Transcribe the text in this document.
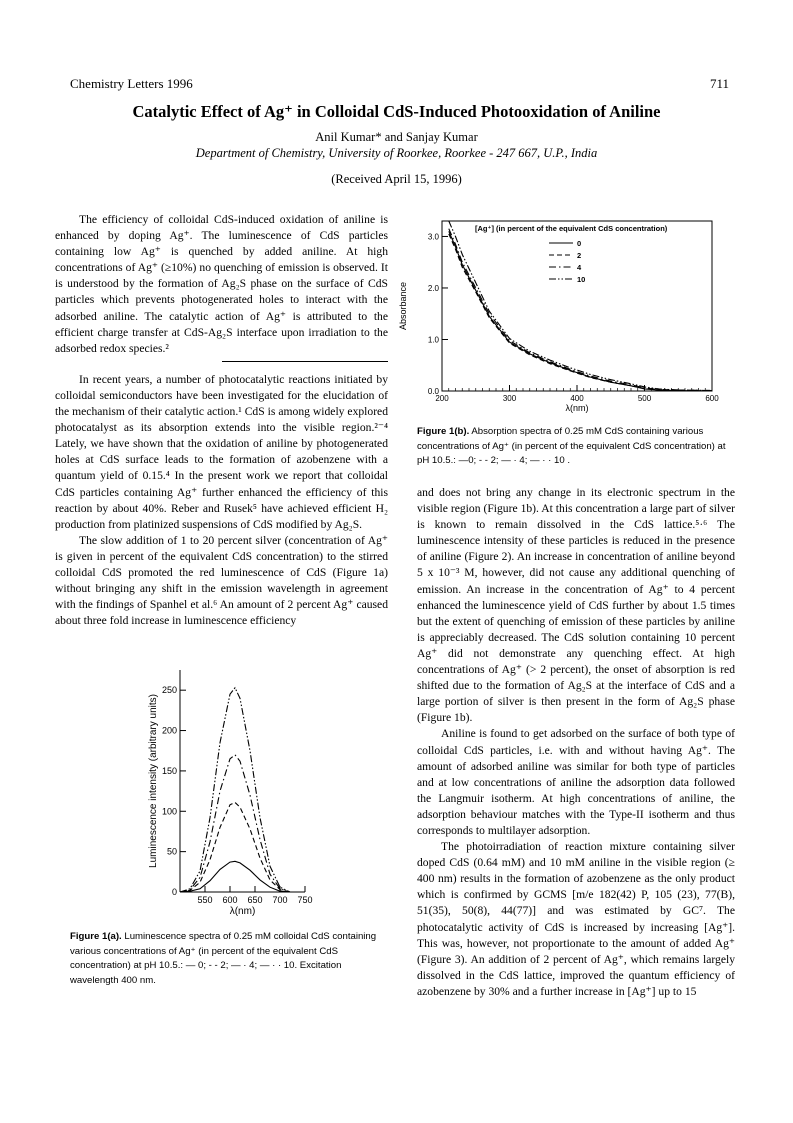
Chemistry Letters 1996	711
Catalytic Effect of Ag⁺ in Colloidal CdS-Induced Photooxidation of Aniline
Anil Kumar* and Sanjay Kumar
Department of Chemistry, University of Roorkee, Roorkee - 247 667, U.P., India
(Received April 15, 1996)

The efficiency of colloidal CdS-induced oxidation of aniline is enhanced by doping Ag⁺. The luminescence of CdS particles containing low Ag⁺ is quenched by added aniline. At high concentrations of Ag⁺ (≥10%) no quenching of emission is observed. It is understood by the formation of Ag₂S phase on the surface of CdS particles which prevents photogenerated holes to interact with the adsorbed aniline. The catalytic action of Ag⁺ is attributed to the efficient charge transfer at CdS-Ag₂S interface upon irradiation to the adsorbed redox species.²

In recent years, a number of photocatalytic reactions initiated by colloidal semiconductors have been investigated for the elucidation of the mechanism of their catalytic action.¹ CdS is among widely explored photocatalyst as its absorption extends into the visible region.²⁻⁴ Lately, we have shown that the oxidation of aniline by photogenerated holes at CdS surface leads to the formation of azobenzene with a quantum yield of 0.15.⁴ In the present work we report that colloidal CdS particles containing Ag⁺ further enhanced the efficiency of this reaction by about 40%. Reber and Rusek⁵ have achieved efficient H₂ production from platinized suspensions of CdS modified by Ag₂S.

The slow addition of 1 to 20 percent silver (concentration of Ag⁺ is given in percent of the equivalent CdS concentration) to the stirred colloidal CdS promoted the red luminescence of CdS (Figure 1a) without bringing any shift in the emission wavelength in agreement with the findings of Spanhel et al.⁶ An amount of 2 percent Ag⁺ caused about three fold increase in luminescence efficiency

0
50
100
150
200
250
550 600 650 700 750
λ(nm)
Luminescence intensity (arbitrary units)
Figure 1(a). Luminescence spectra of 0.25 mM colloidal CdS containing various concentrations of Ag⁺ (in percent of the equivalent CdS concentration) at pH 10.5.: — 0; - - 2; — · 4; — · · 10. Excitation wavelength 400 nm.
0.0
1.0
2.0
3.0
200	300	400	500	600
λ(nm)
Absorbance
[Ag⁺] (in percent of the equivalent CdS concentration)
0
2
4
10
Figure 1(b). Absorption spectra of 0.25 mM CdS containing various concentrations of Ag⁺ (in percent of the equivalent CdS concentration) at pH 10.5.: —0; - - 2; — · 4; — · · 10 .

and does not bring any change in its electronic spectrum in the visible region (Figure 1b). At this concentration a large part of silver is known to remain dissolved in the CdS lattice.⁵·⁶ The luminescence intensity of these particles is reduced in the presence of aniline (Figure 2). An increase in concentration of aniline beyond 5 x 10⁻³ M, however, did not cause any additional quenching of emission. An increase in the concentration of Ag⁺ to 4 percent enhanced the luminescence yield of CdS further by about 1.5 times but the extent of quenching of emission of these particles by aniline is appreciably decreased. The CdS solution containing 10 percent Ag⁺ did not demonstrate any quenching effect. At high concentrations of Ag⁺ (> 2 percent), the onset of absorption is red shifted due to the formation of Ag₂S at the interface of CdS and a large portion of silver is then present in the form of Ag₂S phase (Figure 1b).

Aniline is found to get adsorbed on the surface of both type of colloidal CdS particles, i.e. with and without having Ag⁺. The amount of adsorbed aniline was similar for both type of particles and at low concentrations of aniline the adsorption data followed the Langmuir isotherm. At high concentrations of aniline, the adsorption behaviour matches with the Type-II isotherm and thus corresponds to multilayer adsorption.

The photoirradiation of reaction mixture containing silver doped CdS (0.64 mM) and 10 mM aniline in the visible region (≥ 400 nm) results in the formation of azobenzene as the only product which is confirmed by GCMS [m/e 182(42) P, 105 (23), 77(B), 51(35), 50(8), 44(77)] and was estimated by GC⁷. The photocatalytic activity of CdS is increased by increasing [Ag⁺]. This was, however, not proportionate to the amount of added Ag⁺ (Figure 3). An addition of 2 percent of Ag⁺, which remains largely dissolved in the CdS lattice, improved the quantum efficiency of azobenzene by 30% and a further increase in [Ag⁺] up to 15
